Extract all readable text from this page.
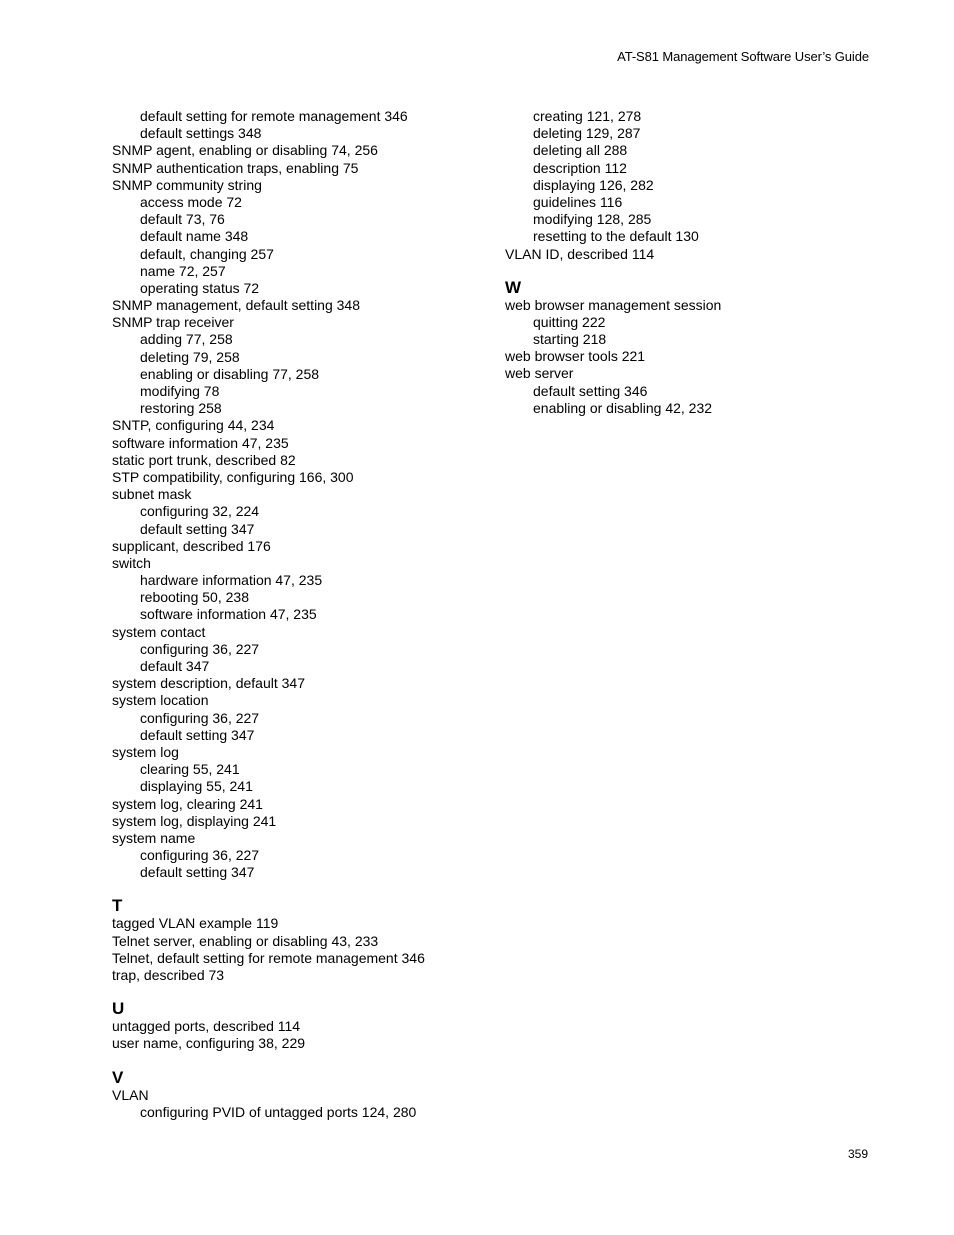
AT-S81 Management Software User’s Guide
default setting for remote management 346
default settings 348
SNMP agent, enabling or disabling 74, 256
SNMP authentication traps, enabling 75
SNMP community string
access mode 72
default 73, 76
default name 348
default, changing 257
name 72, 257
operating status 72
SNMP management, default setting 348
SNMP trap receiver
adding 77, 258
deleting 79, 258
enabling or disabling 77, 258
modifying 78
restoring 258
SNTP, configuring 44, 234
software information 47, 235
static port trunk, described 82
STP compatibility, configuring 166, 300
subnet mask
configuring 32, 224
default setting 347
supplicant, described 176
switch
hardware information 47, 235
rebooting 50, 238
software information 47, 235
system contact
configuring 36, 227
default 347
system description, default 347
system location
configuring 36, 227
default setting 347
system log
clearing 55, 241
displaying 55, 241
system log, clearing 241
system log, displaying 241
system name
configuring 36, 227
default setting 347
T
tagged VLAN example 119
Telnet server, enabling or disabling 43, 233
Telnet, default setting for remote management 346
trap, described 73
U
untagged ports, described 114
user name, configuring 38, 229
V
VLAN
configuring PVID of untagged ports 124, 280
creating 121, 278
deleting 129, 287
deleting all 288
description 112
displaying 126, 282
guidelines 116
modifying 128, 285
resetting to the default 130
VLAN ID, described 114
W
web browser management session
quitting 222
starting 218
web browser tools 221
web server
default setting 346
enabling or disabling 42, 232
359
